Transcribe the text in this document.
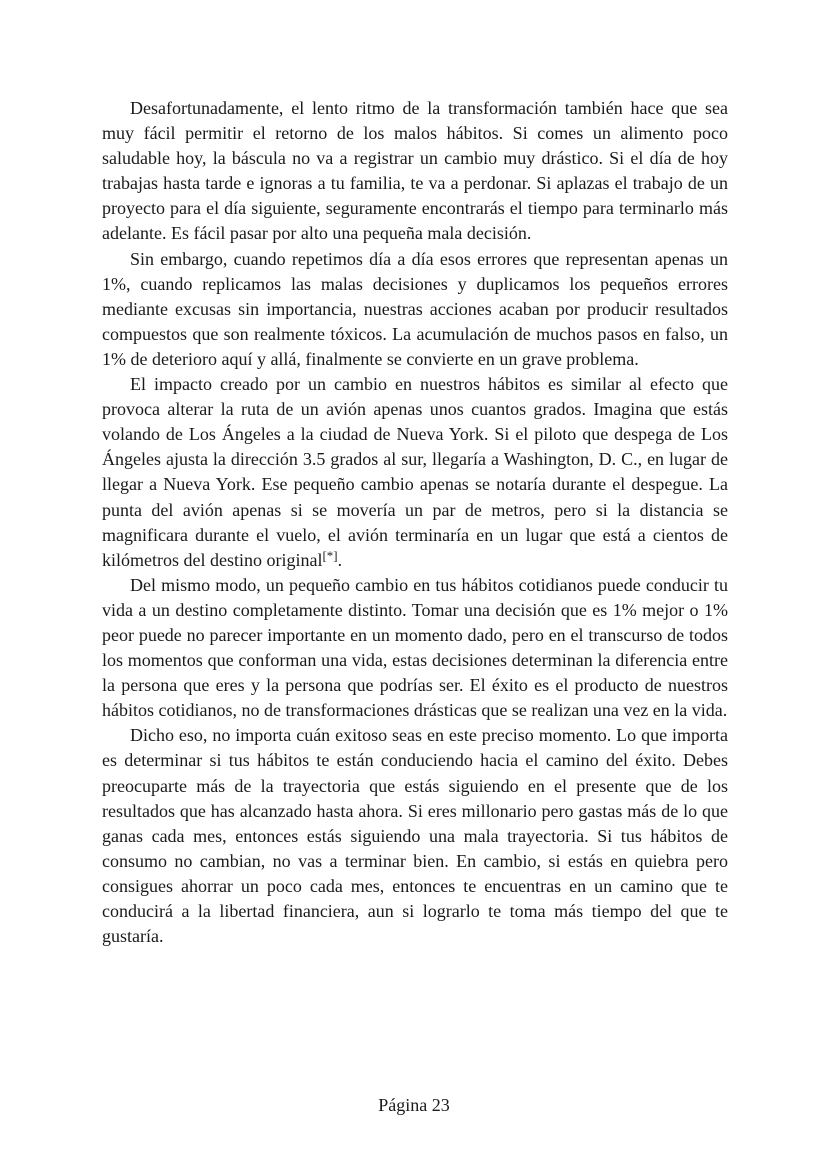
Desafortunadamente, el lento ritmo de la transformación también hace que sea muy fácil permitir el retorno de los malos hábitos. Si comes un alimento poco saludable hoy, la báscula no va a registrar un cambio muy drástico. Si el día de hoy trabajas hasta tarde e ignoras a tu familia, te va a perdonar. Si aplazas el trabajo de un proyecto para el día siguiente, seguramente encontrarás el tiempo para terminarlo más adelante. Es fácil pasar por alto una pequeña mala decisión.

Sin embargo, cuando repetimos día a día esos errores que representan apenas un 1%, cuando replicamos las malas decisiones y duplicamos los pequeños errores mediante excusas sin importancia, nuestras acciones acaban por producir resultados compuestos que son realmente tóxicos. La acumulación de muchos pasos en falso, un 1% de deterioro aquí y allá, finalmente se convierte en un grave problema.

El impacto creado por un cambio en nuestros hábitos es similar al efecto que provoca alterar la ruta de un avión apenas unos cuantos grados. Imagina que estás volando de Los Ángeles a la ciudad de Nueva York. Si el piloto que despega de Los Ángeles ajusta la dirección 3.5 grados al sur, llegaría a Washington, D. C., en lugar de llegar a Nueva York. Ese pequeño cambio apenas se notaría durante el despegue. La punta del avión apenas si se movería un par de metros, pero si la distancia se magnificara durante el vuelo, el avión terminaría en un lugar que está a cientos de kilómetros del destino original[*].

Del mismo modo, un pequeño cambio en tus hábitos cotidianos puede conducir tu vida a un destino completamente distinto. Tomar una decisión que es 1% mejor o 1% peor puede no parecer importante en un momento dado, pero en el transcurso de todos los momentos que conforman una vida, estas decisiones determinan la diferencia entre la persona que eres y la persona que podrías ser. El éxito es el producto de nuestros hábitos cotidianos, no de transformaciones drásticas que se realizan una vez en la vida.

Dicho eso, no importa cuán exitoso seas en este preciso momento. Lo que importa es determinar si tus hábitos te están conduciendo hacia el camino del éxito. Debes preocuparte más de la trayectoria que estás siguiendo en el presente que de los resultados que has alcanzado hasta ahora. Si eres millonario pero gastas más de lo que ganas cada mes, entonces estás siguiendo una mala trayectoria. Si tus hábitos de consumo no cambian, no vas a terminar bien. En cambio, si estás en quiebra pero consigues ahorrar un poco cada mes, entonces te encuentras en un camino que te conducirá a la libertad financiera, aun si lograrlo te toma más tiempo del que te gustaría.

Página 23
